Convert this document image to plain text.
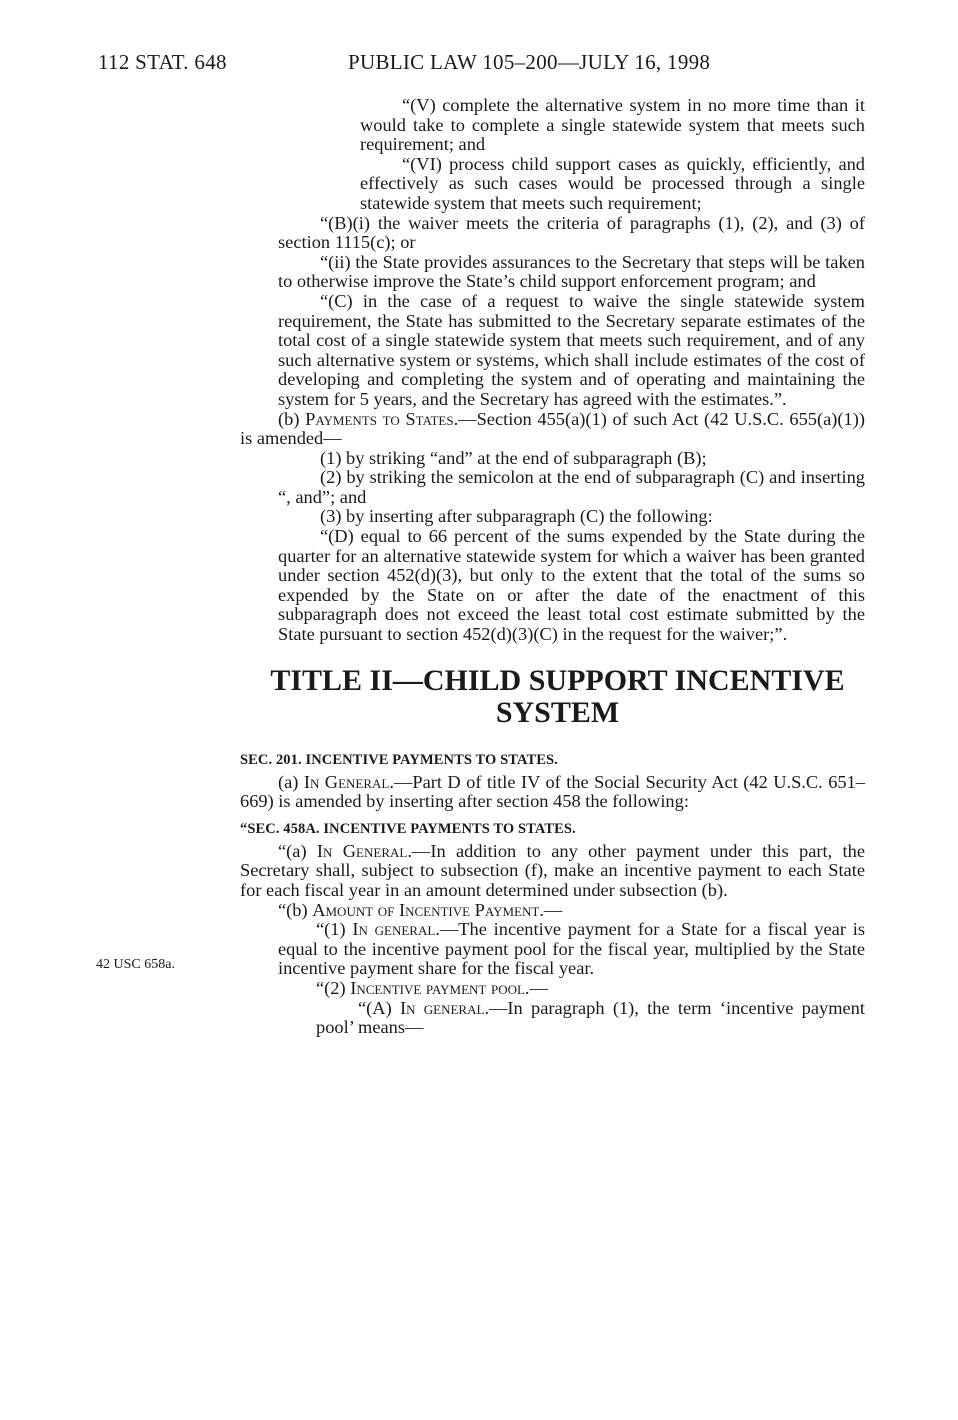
112 STAT. 648	PUBLIC LAW 105–200—JULY 16, 1998

“(V) complete the alternative system in no more time than it would take to complete a single statewide system that meets such requirement; and

“(VI) process child support cases as quickly, efficiently, and effectively as such cases would be processed through a single statewide system that meets such requirement;

“(B)(i) the waiver meets the criteria of paragraphs (1), (2), and (3) of section 1115(c); or

“(ii) the State provides assurances to the Secretary that steps will be taken to otherwise improve the State’s child support enforcement program; and

“(C) in the case of a request to waive the single statewide system requirement, the State has submitted to the Secretary separate estimates of the total cost of a single statewide system that meets such requirement, and of any such alternative system or systems, which shall include estimates of the cost of developing and completing the system and of operating and maintaining the system for 5 years, and the Secretary has agreed with the estimates.”.

(b) Payments to States.—Section 455(a)(1) of such Act (42 U.S.C. 655(a)(1)) is amended—

(1) by striking “and” at the end of subparagraph (B);

(2) by striking the semicolon at the end of subparagraph (C) and inserting “, and”; and

(3) by inserting after subparagraph (C) the following:

“(D) equal to 66 percent of the sums expended by the State during the quarter for an alternative statewide system for which a waiver has been granted under section 452(d)(3), but only to the extent that the total of the sums so expended by the State on or after the date of the enactment of this subparagraph does not exceed the least total cost estimate submitted by the State pursuant to section 452(d)(3)(C) in the request for the waiver;”.

TITLE II—CHILD SUPPORT INCENTIVE

SYSTEM

SEC. 201. INCENTIVE PAYMENTS TO STATES.

(a) In General.—Part D of title IV of the Social Security Act (42 U.S.C. 651–669) is amended by inserting after section 458 the following:

“SEC. 458A. INCENTIVE PAYMENTS TO STATES.

“(a) In General.—In addition to any other payment under this part, the Secretary shall, subject to subsection (f), make an incentive payment to each State for each fiscal year in an amount determined under subsection (b).

“(b) Amount of Incentive Payment.—

“(1) In general.—The incentive payment for a State for a fiscal year is equal to the incentive payment pool for the fiscal year, multiplied by the State incentive payment share for the fiscal year.

“(2) Incentive payment pool.—

“(A) In general.—In paragraph (1), the term ‘incentive payment pool’ means—

42 USC 658a.
